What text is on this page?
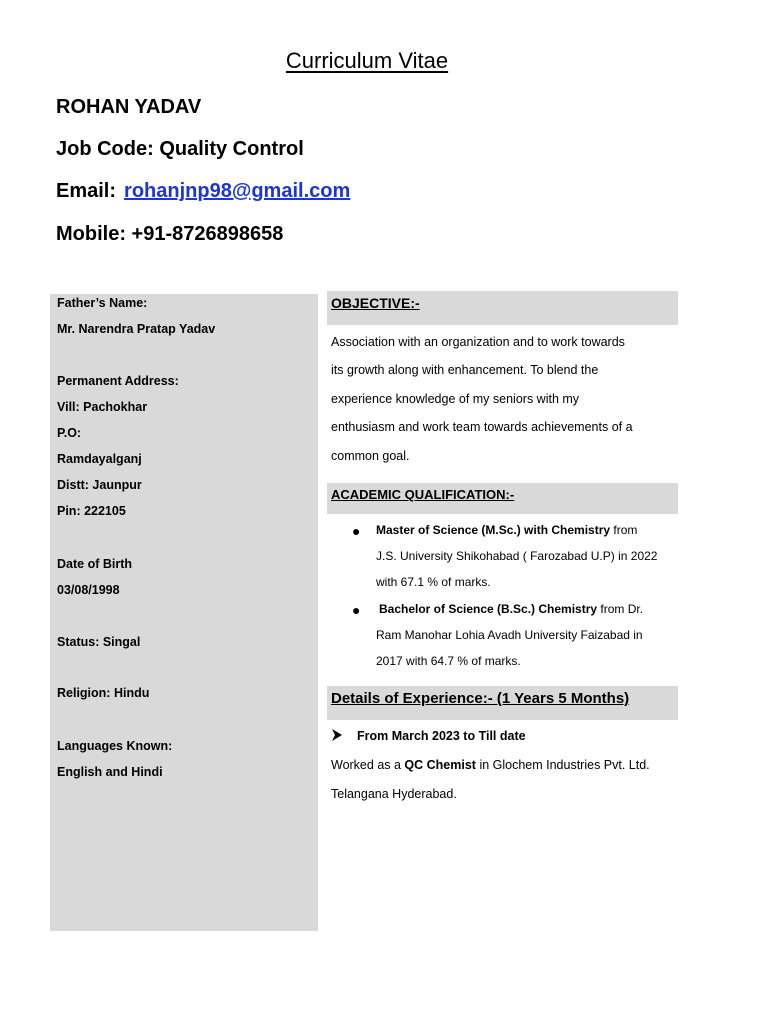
Curriculum Vitae
ROHAN YADAV
Job Code: Quality Control
Email: rohanjnp98@gmail.com
Mobile: +91-8726898658
Father’s Name:
Mr. Narendra Pratap Yadav
Permanent Address:
Vill: Pachokhar
P.O:
Ramdayalganj
Distt: Jaunpur
Pin: 222105
Date of Birth
03/08/1998
Status: Singal
Religion: Hindu
Languages Known:
English and Hindi
OBJECTIVE:-
Association with an organization and to work towards
its growth along with enhancement. To blend the
experience knowledge of my seniors with my
enthusiasm and work team towards achievements of a
common goal.
ACADEMIC QUALIFICATION:-
● Master of Science (M.Sc.) with Chemistry from
J.S. University Shikohabad ( Farozabad U.P) in 2022
with 67.1 % of marks.
● Bachelor of Science (B.Sc.) Chemistry from Dr.
Ram Manohar Lohia Avadh University Faizabad in
2017 with 64.7 % of marks.
Details of Experience:- (1 Years 5 Months)
From March 2023 to Till date
Worked as a QC Chemist in Glochem Industries Pvt. Ltd.
Telangana Hyderabad.
